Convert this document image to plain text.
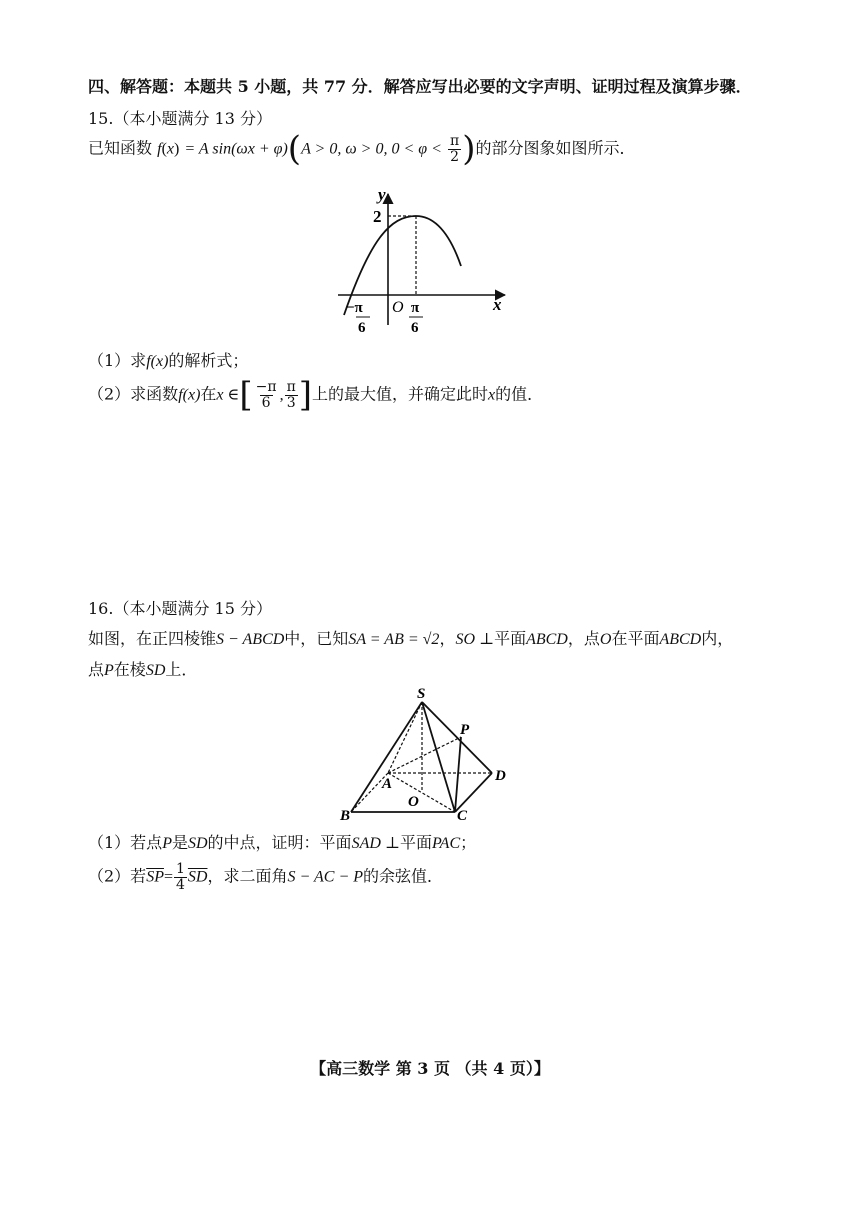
四、解答题：本题共 5 小题，共 77 分．解答应写出必要的文字声明、证明过程及演算步骤．
15.（本小题满分 13 分）
已知函数 f(x) = A sin(ωx + φ)(A > 0, ω > 0, $0 < \varphi < \frac{\pi}{2}$ )的部分图象如图所示．
y
x
2
O
−π
6
π
6
（1）求f(x)的解析式；
（2）求函数f(x)在x ∈[ $\frac{-\pi}{6}$ , $\frac{\pi}{3}$ ]上的最大值，并确定此时x的值．
16.（本小题满分 15 分）
如图，在正四棱锥S − ABCD中，已知SA = AB = √2，SO ⊥平面ABCD，点O在平面ABCD内，
点P在棱SD上．
S
P
A	D
B
O
C
（1）若点P是SD的中点，证明：平面SAD ⊥平面PAC；
（2）若$\overline{SP}= \frac{1}{4} \overline{SD}$，求二面角S − AC − P的余弦值．
【高三数学 第 3 页 （共 4 页）】
